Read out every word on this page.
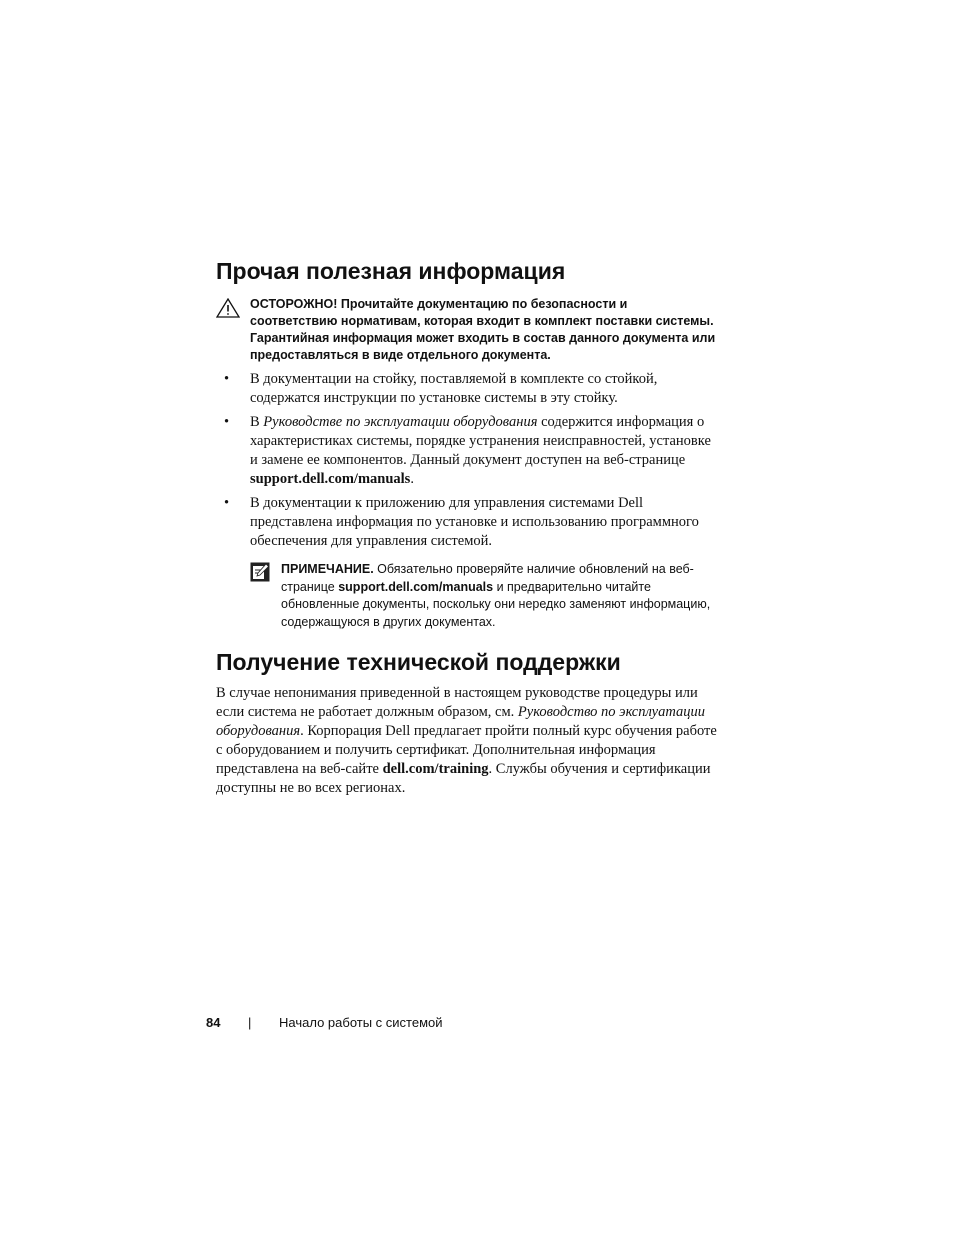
Прочая полезная информация
ОСТОРОЖНО! Прочитайте документацию по безопасности и соответствию нормативам, которая входит в комплект поставки системы. Гарантийная информация может входить в состав данного документа или предоставляться в виде отдельного документа.
• В документации на стойку, поставляемой в комплекте со стойкой, содержатся инструкции по установке системы в эту стойку.
• В Руководстве по эксплуатации оборудования содержится информация о характеристиках системы, порядке устранения неисправностей, установке и замене ее компонентов. Данный документ доступен на веб-странице support.dell.com/manuals.
• В документации к приложению для управления системами Dell представлена информация по установке и использованию программного обеспечения для управления системой.
ПРИМЕЧАНИЕ. Обязательно проверяйте наличие обновлений на веб-странице support.dell.com/manuals и предварительно читайте обновленные документы, поскольку они нередко заменяют информацию, содержащуюся в других документах.
Получение технической поддержки

В случае непонимания приведенной в настоящем руководстве процедуры или если система не работает должным образом, см. Руководство по эксплуатации оборудования. Корпорация Dell предлагает пройти полный курс обучения работе с оборудованием и получить сертификат. Дополнительная информация представлена на веб-сайте dell.com/training. Службы обучения и сертификации доступны не во всех регионах.

84 | Начало работы с системой
